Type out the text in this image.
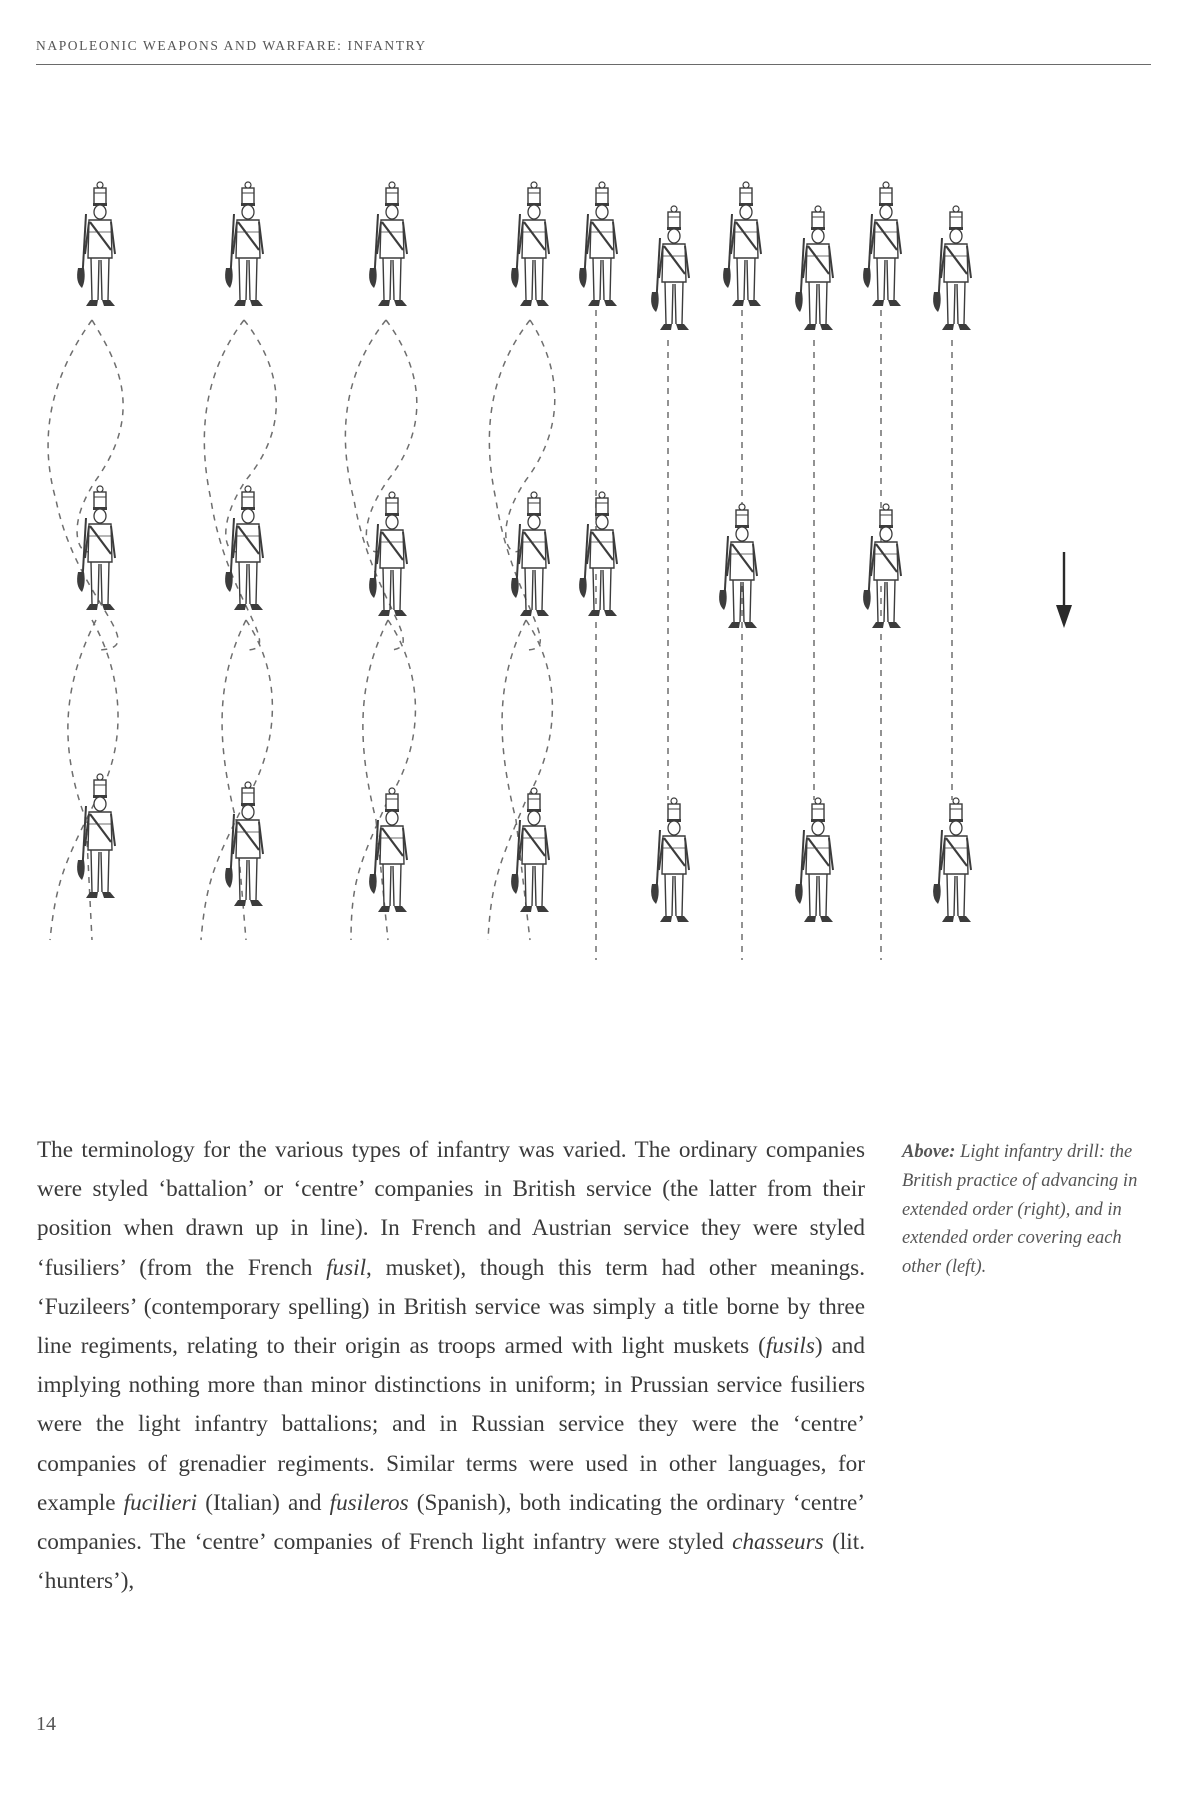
NAPOLEONIC WEAPONS AND WARFARE: INFANTRY
The terminology for the various types of infantry was varied. The ordinary companies were styled ‘battalion’ or ‘centre’ companies in British service (the latter from their position when drawn up in line). In French and Austrian service they were styled ‘fusiliers’ (from the French fusil, musket), though this term had other meanings. ‘Fuzileers’ (contemporary spelling) in British service was simply a title borne by three line regiments, relating to their origin as troops armed with light muskets (fusils) and implying nothing more than minor distinctions in uniform; in Prussian service fusiliers were the light infantry battalions; and in Russian service they were the ‘centre’ companies of grenadier regiments. Similar terms were used in other languages, for example fucilieri (Italian) and fusileros (Spanish), both indicating the ordinary ‘centre’ companies. The ‘centre’ companies of French light infantry were styled chasseurs (lit. ‘hunters’),
Above: Light infantry drill: the British practice of advancing in extended order (right), and in extended order covering each other (left).
14
